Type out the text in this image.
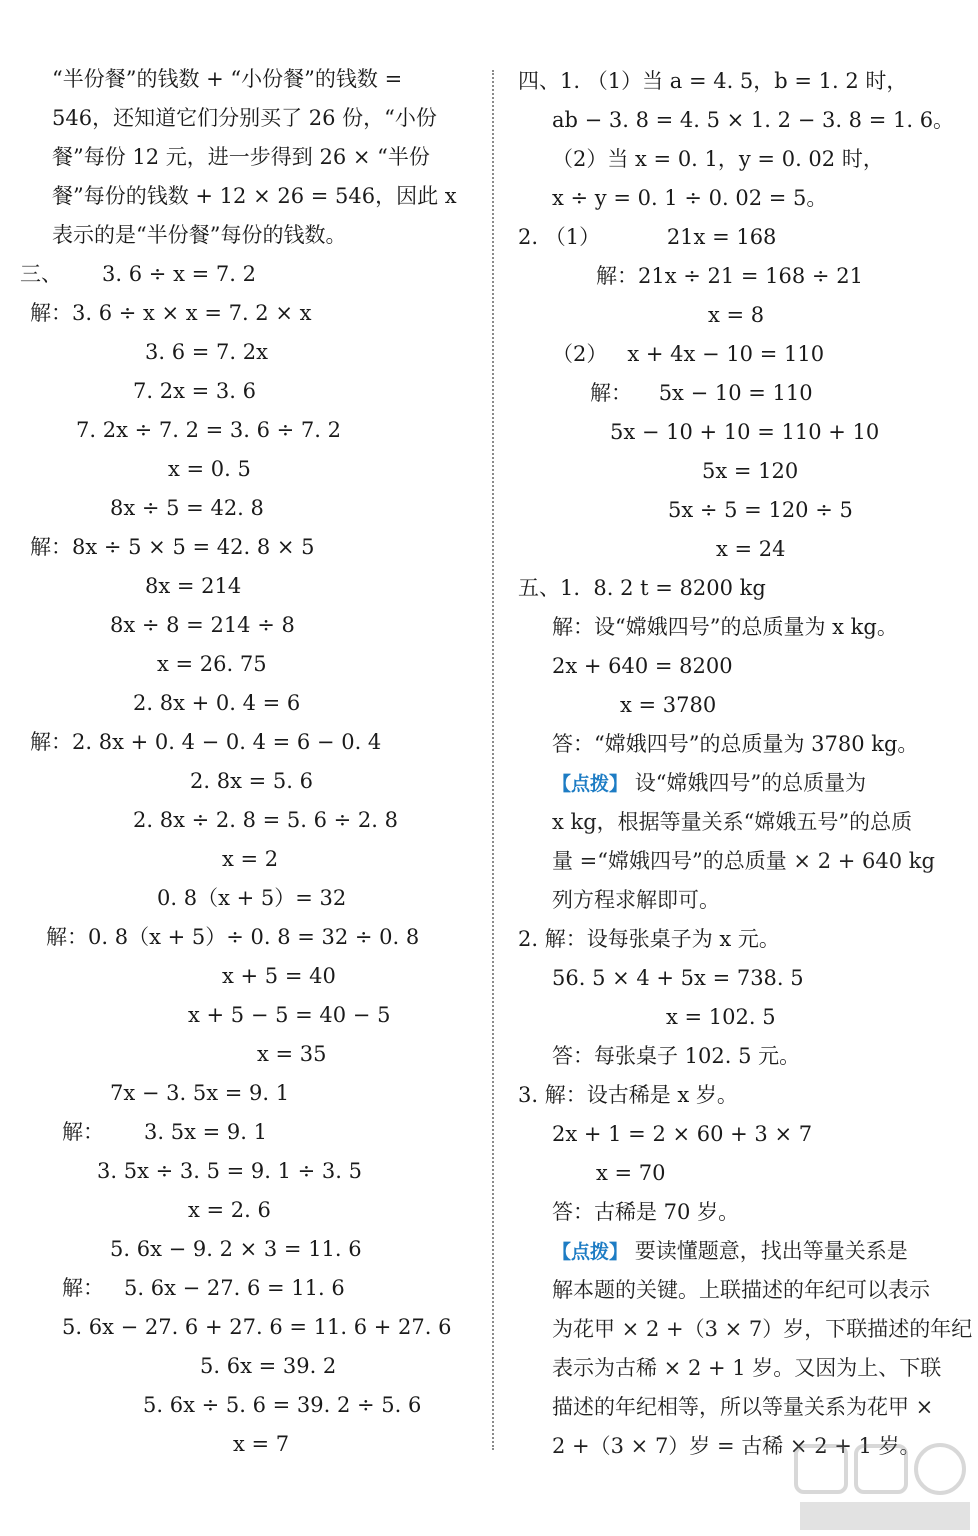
“半份餐”的钱数 + “小份餐”的钱数 =
546，还知道它们分别买了 26 份，“小份
餐”每份 12 元，进一步得到 26 × “半份
餐”每份的钱数 + 12 × 26 = 546，因此 x
表示的是“半份餐”每份的钱数。
三、      3. 6 ÷ x = 7. 2
解：3. 6 ÷ x × x = 7. 2 × x
3. 6 = 7. 2x
7. 2x = 3. 6
7. 2x ÷ 7. 2 = 3. 6 ÷ 7. 2
x = 0. 5
8x ÷ 5 = 42. 8
解：8x ÷ 5 × 5 = 42. 8 × 5
8x = 214
8x ÷ 8 = 214 ÷ 8
x = 26. 75
2. 8x + 0. 4 = 6
解：2. 8x + 0. 4 − 0. 4 = 6 − 0. 4
2. 8x = 5. 6
2. 8x ÷ 2. 8 = 5. 6 ÷ 2. 8
x = 2
0. 8（x + 5）= 32
解：0. 8（x + 5）÷ 0. 8 = 32 ÷ 0. 8
x + 5 = 40
x + 5 − 5 = 40 − 5
x = 35
7x − 3. 5x = 9. 1
解：      3. 5x = 9. 1
3. 5x ÷ 3. 5 = 9. 1 ÷ 3. 5
x = 2. 6
5. 6x − 9. 2 × 3 = 11. 6
解：   5. 6x − 27. 6 = 11. 6
5. 6x − 27. 6 + 27. 6 = 11. 6 + 27. 6
5. 6x = 39. 2
5. 6x ÷ 5. 6 = 39. 2 ÷ 5. 6
x = 7
四、1. （1）当 a = 4. 5，b = 1. 2 时，
ab − 3. 8 = 4. 5 × 1. 2 − 3. 8 = 1. 6。
（2）当 x = 0. 1，y = 0. 02 时，
x ÷ y = 0. 1 ÷ 0. 02 = 5。
2. （1）          21x = 168
解：21x ÷ 21 = 168 ÷ 21
x = 8
（2）   x + 4x − 10 = 110
解：    5x − 10 = 110
5x − 10 + 10 = 110 + 10
5x = 120
5x ÷ 5 = 120 ÷ 5
x = 24
五、1.  8. 2 t = 8200 kg
解：设“嫦娥四号”的总质量为 x kg。
2x + 640 = 8200
x = 3780
答：“嫦娥四号”的总质量为 3780 kg。
2. 解：设每张桌子为 x 元。
56. 5 × 4 + 5x = 738. 5
x = 102. 5
答：每张桌子 102. 5 元。
3. 解：设古稀是 x 岁。
2x + 1 = 2 × 60 + 3 × 7
x = 70
答：古稀是 70 岁。
【点拨】 设“嫦娥四号”的总质量为
x kg，根据等量关系“嫦娥五号”的总质
量 =“嫦娥四号”的总质量 × 2 + 640 kg
列方程求解即可。
【点拨】 要读懂题意，找出等量关系是
解本题的关键。上联描述的年纪可以表示
为花甲 × 2 +（3 × 7）岁，下联描述的年纪
表示为古稀 × 2 + 1 岁。又因为上、下联
描述的年纪相等，所以等量关系为花甲 ×
2 +（3 × 7）岁 = 古稀 × 2 + 1 岁。
